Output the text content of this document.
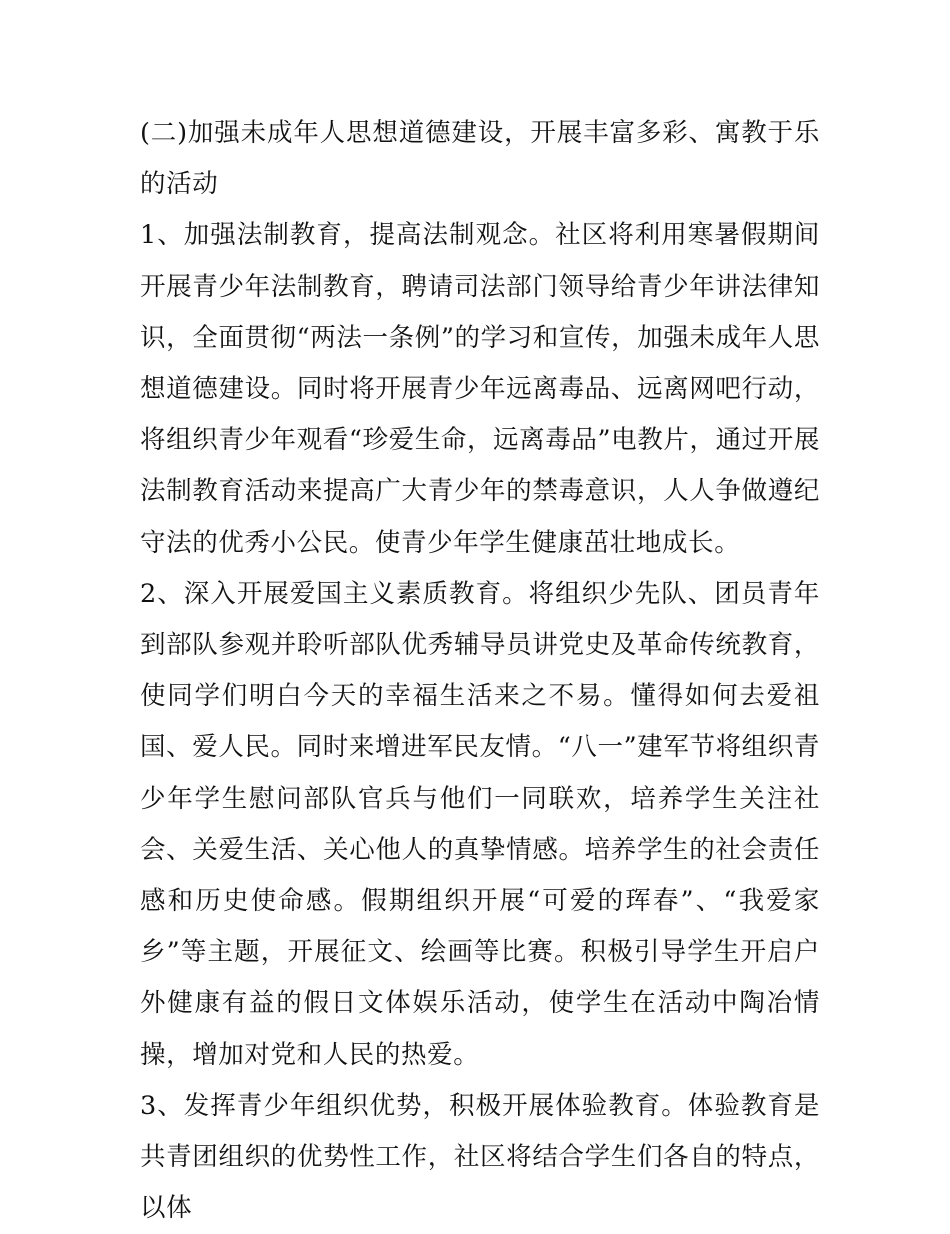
(二)加强未成年人思想道德建设，开展丰富多彩、寓教于乐的活动

1、加强法制教育，提高法制观念。社区将利用寒暑假期间开展青少年法制教育，聘请司法部门领导给青少年讲法律知识，全面贯彻“两法一条例”的学习和宣传，加强未成年人思想道德建设。同时将开展青少年远离毒品、远离网吧行动，将组织青少年观看“珍爱生命，远离毒品”电教片，通过开展法制教育活动来提高广大青少年的禁毒意识，人人争做遵纪守法的优秀小公民。使青少年学生健康茁壮地成长。

2、深入开展爱国主义素质教育。将组织少先队、团员青年到部队参观并聆听部队优秀辅导员讲党史及革命传统教育，使同学们明白今天的幸福生活来之不易。懂得如何去爱祖国、爱人民。同时来增进军民友情。“八一”建军节将组织青少年学生慰问部队官兵与他们一同联欢，培养学生关注社会、关爱生活、关心他人的真挚情感。培养学生的社会责任感和历史使命感。假期组织开展“可爱的珲春”、“我爱家乡”等主题，开展征文、绘画等比赛。积极引导学生开启户外健康有益的假日文体娱乐活动，使学生在活动中陶冶情操，增加对党和人民的热爱。

3、发挥青少年组织优势，积极开展体验教育。体验教育是共青团组织的优势性工作，社区将结合学生们各自的特点，以体
